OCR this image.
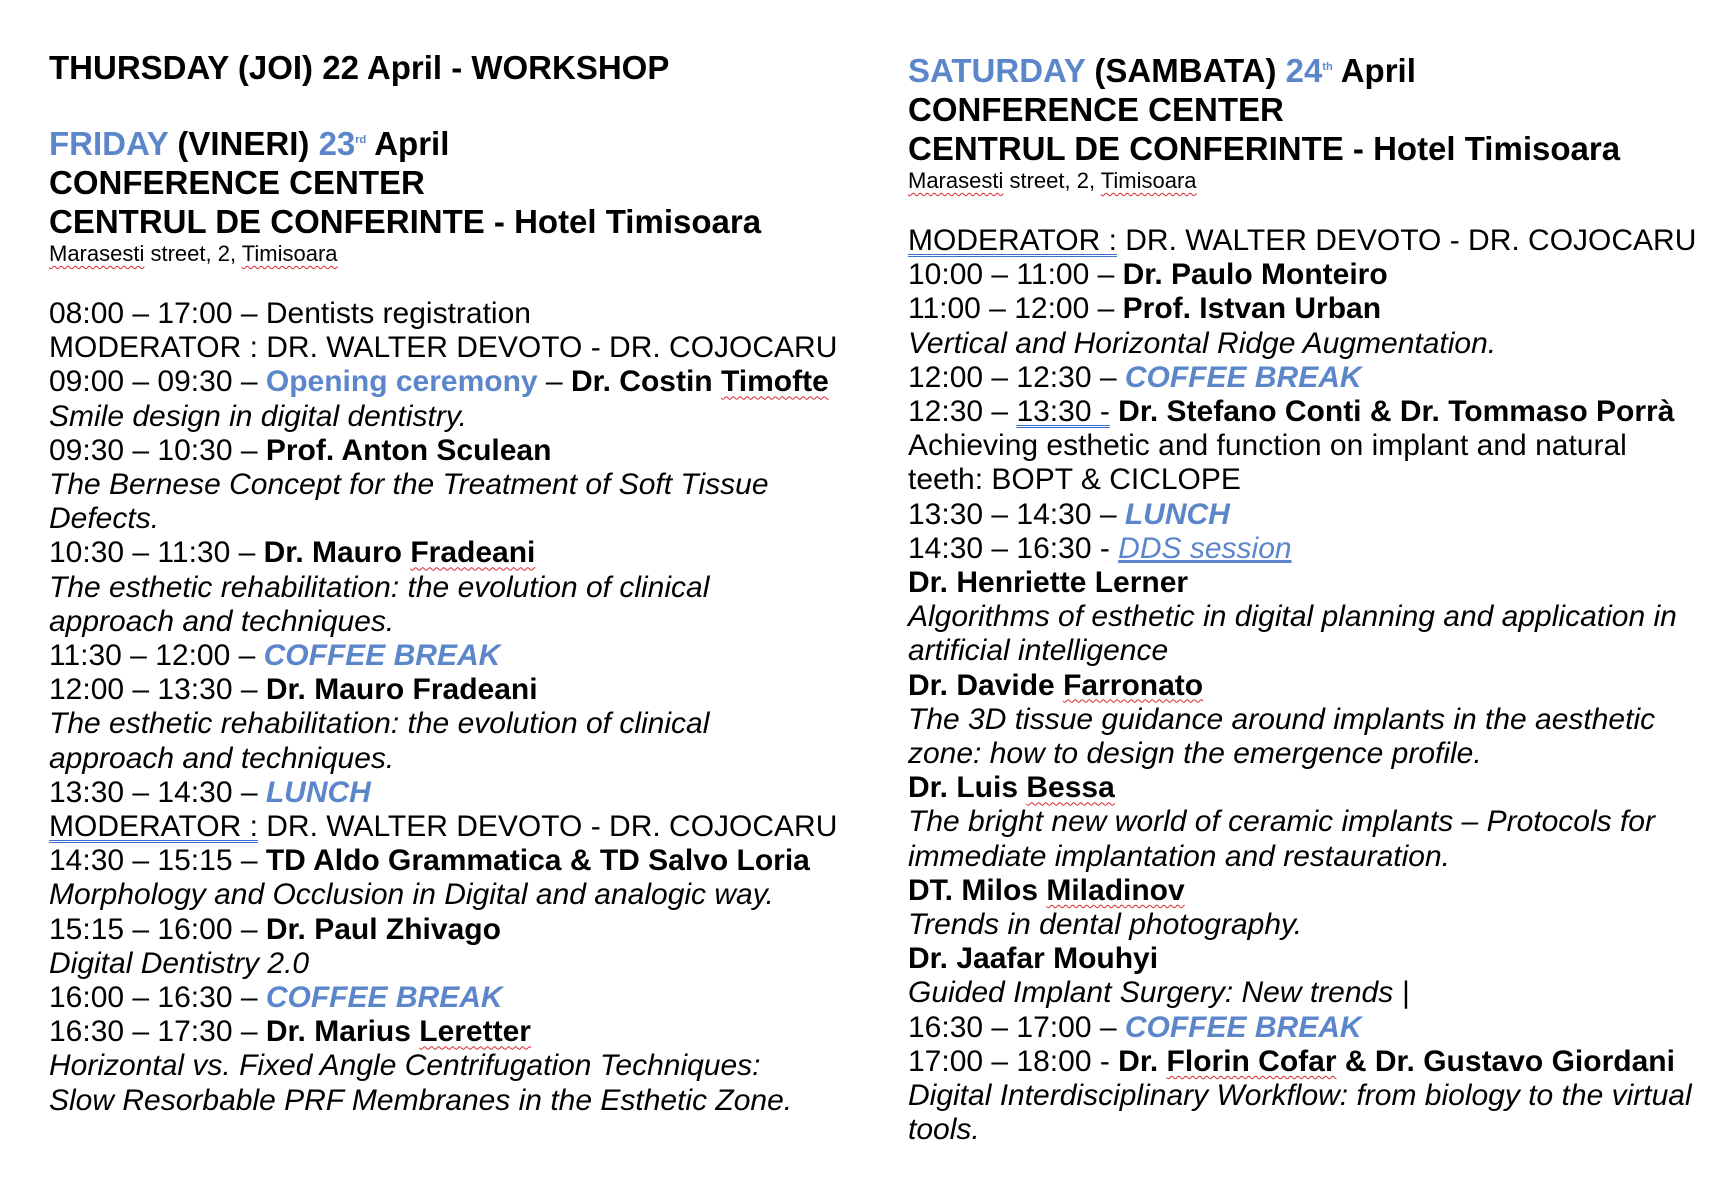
THURSDAY (JOI) 22 April - WORKSHOP
FRIDAY (VINERI) 23rd April
CONFERENCE CENTER
CENTRUL DE CONFERINTE - Hotel Timisoara
Marasesti street, 2, Timisoara
08:00 – 17:00 – Dentists registration
MODERATOR : DR. WALTER DEVOTO - DR. COJOCARU
09:00 – 09:30 – Opening ceremony – Dr. Costin Timofte
Smile design in digital dentistry.
09:30 – 10:30 – Prof. Anton Sculean
The Bernese Concept for the Treatment of Soft Tissue
Defects.
10:30 – 11:30 – Dr. Mauro Fradeani
The esthetic rehabilitation: the evolution of clinical
approach and techniques.
11:30 – 12:00 – COFFEE BREAK
12:00 – 13:30 – Dr. Mauro Fradeani
The esthetic rehabilitation: the evolution of clinical
approach and techniques.
13:30 – 14:30 – LUNCH
MODERATOR : DR. WALTER DEVOTO - DR. COJOCARU
14:30 – 15:15 – TD Aldo Grammatica & TD Salvo Loria
Morphology and Occlusion in Digital and analogic way.
15:15 – 16:00 – Dr. Paul Zhivago
Digital Dentistry 2.0
16:00 – 16:30 – COFFEE BREAK
16:30 – 17:30 – Dr. Marius Leretter
Horizontal vs. Fixed Angle Centrifugation Techniques:
Slow Resorbable PRF Membranes in the Esthetic Zone.
SATURDAY (SAMBATA) 24th April
CONFERENCE CENTER
CENTRUL DE CONFERINTE - Hotel Timisoara
Marasesti street, 2, Timisoara
MODERATOR : DR. WALTER DEVOTO - DR. COJOCARU
10:00 – 11:00 – Dr. Paulo Monteiro
11:00 – 12:00 – Prof. Istvan Urban
Vertical and Horizontal Ridge Augmentation.
12:00 – 12:30 – COFFEE BREAK
12:30 – 13:30 - Dr. Stefano Conti & Dr. Tommaso Porrà
Achieving esthetic and function on implant and natural
teeth: BOPT & CICLOPE
13:30 – 14:30 – LUNCH
14:30 – 16:30 - DDS session
Dr. Henriette Lerner
Algorithms of esthetic in digital planning and application in
artificial intelligence
Dr. Davide Farronato
The 3D tissue guidance around implants in the aesthetic
zone: how to design the emergence profile.
Dr. Luis Bessa
The bright new world of ceramic implants – Protocols for
immediate implantation and restauration.
DT. Milos Miladinov
Trends in dental photography.
Dr. Jaafar Mouhyi
Guided Implant Surgery: New trends |
16:30 – 17:00 – COFFEE BREAK
17:00 – 18:00 - Dr. Florin Cofar & Dr. Gustavo Giordani
Digital Interdisciplinary Workflow: from biology to the virtual
tools.
